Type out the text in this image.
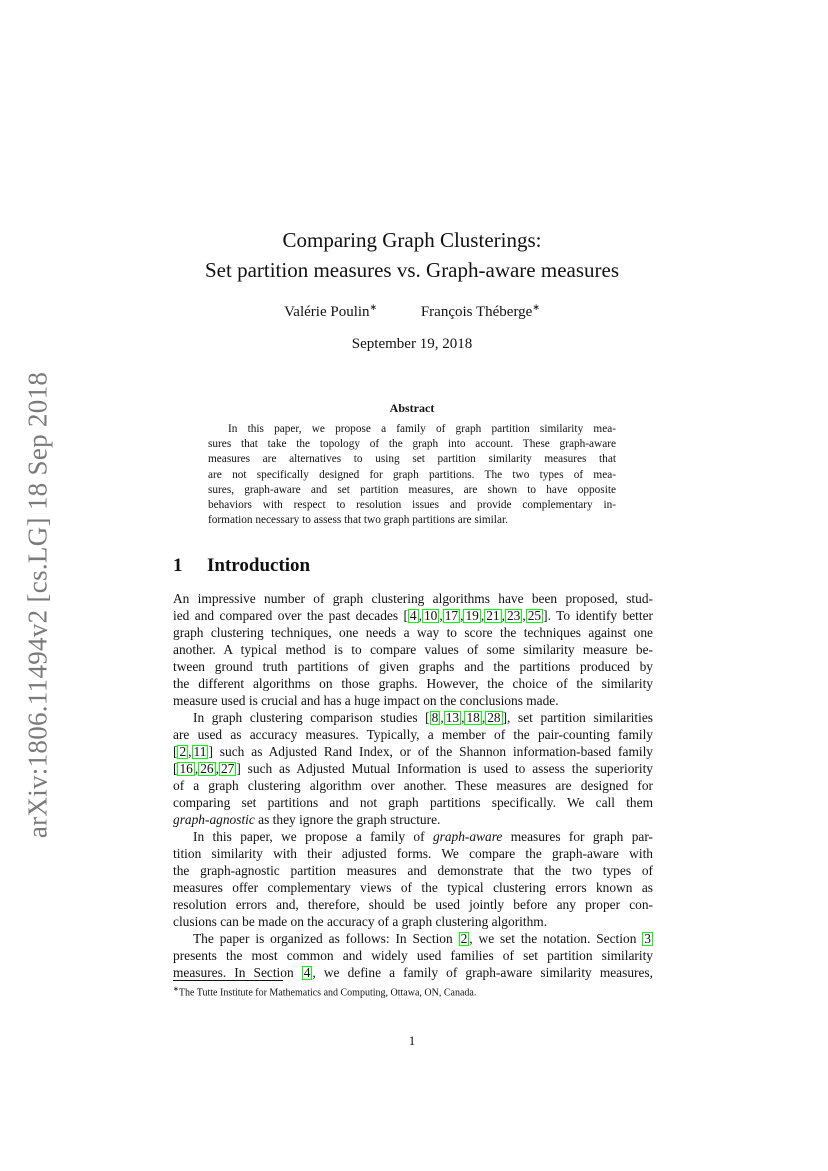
arXiv:1806.11494v2 [cs.LG] 18 Sep 2018
Comparing Graph Clusterings:
Set partition measures vs. Graph-aware measures
Valérie Poulin∗	François Théberge∗
September 19, 2018
Abstract
In this paper, we propose a family of graph partition similarity mea-
sures that take the topology of the graph into account. These graph-aware
measures are alternatives to using set partition similarity measures that
are not specifically designed for graph partitions. The two types of mea-
sures, graph-aware and set partition measures, are shown to have opposite
behaviors with respect to resolution issues and provide complementary in-
formation necessary to assess that two graph partitions are similar.
1 Introduction
An impressive number of graph clustering algorithms have been proposed, stud-
ied and compared over the past decades [ 4 , 10 , 17 , 19 , 21 , 23 , 25 ]. To identify better
graph clustering techniques, one needs a way to score the techniques against one
another. A typical method is to compare values of some similarity measure be-
tween ground truth partitions of given graphs and the partitions produced by
the different algorithms on those graphs. However, the choice of the similarity
measure used is crucial and has a huge impact on the conclusions made.
In graph clustering comparison studies [ 8 , 13 , 18 , 28 ], set partition similarities
are used as accuracy measures. Typically, a member of the pair-counting family
[ 2 , 11 ] such as Adjusted Rand Index, or of the Shannon information-based family
[ 16 , 26 , 27 ] such as Adjusted Mutual Information is used to assess the superiority
of a graph clustering algorithm over another. These measures are designed for
comparing set partitions and not graph partitions specifically. We call them
graph-agnostic as they ignore the graph structure.
In this paper, we propose a family of graph-aware measures for graph par-
tition similarity with their adjusted forms. We compare the graph-aware with
the graph-agnostic partition measures and demonstrate that the two types of
measures offer complementary views of the typical clustering errors known as
resolution errors and, therefore, should be used jointly before any proper con-
clusions can be made on the accuracy of a graph clustering algorithm.
The paper is organized as follows: In Section 2 , we set the notation. Section 3
presents the most common and widely used families of set partition similarity
measures. In Section 4 , we define a family of graph-aware similarity measures,
∗The Tutte Institute for Mathematics and Computing, Ottawa, ON, Canada.
1
